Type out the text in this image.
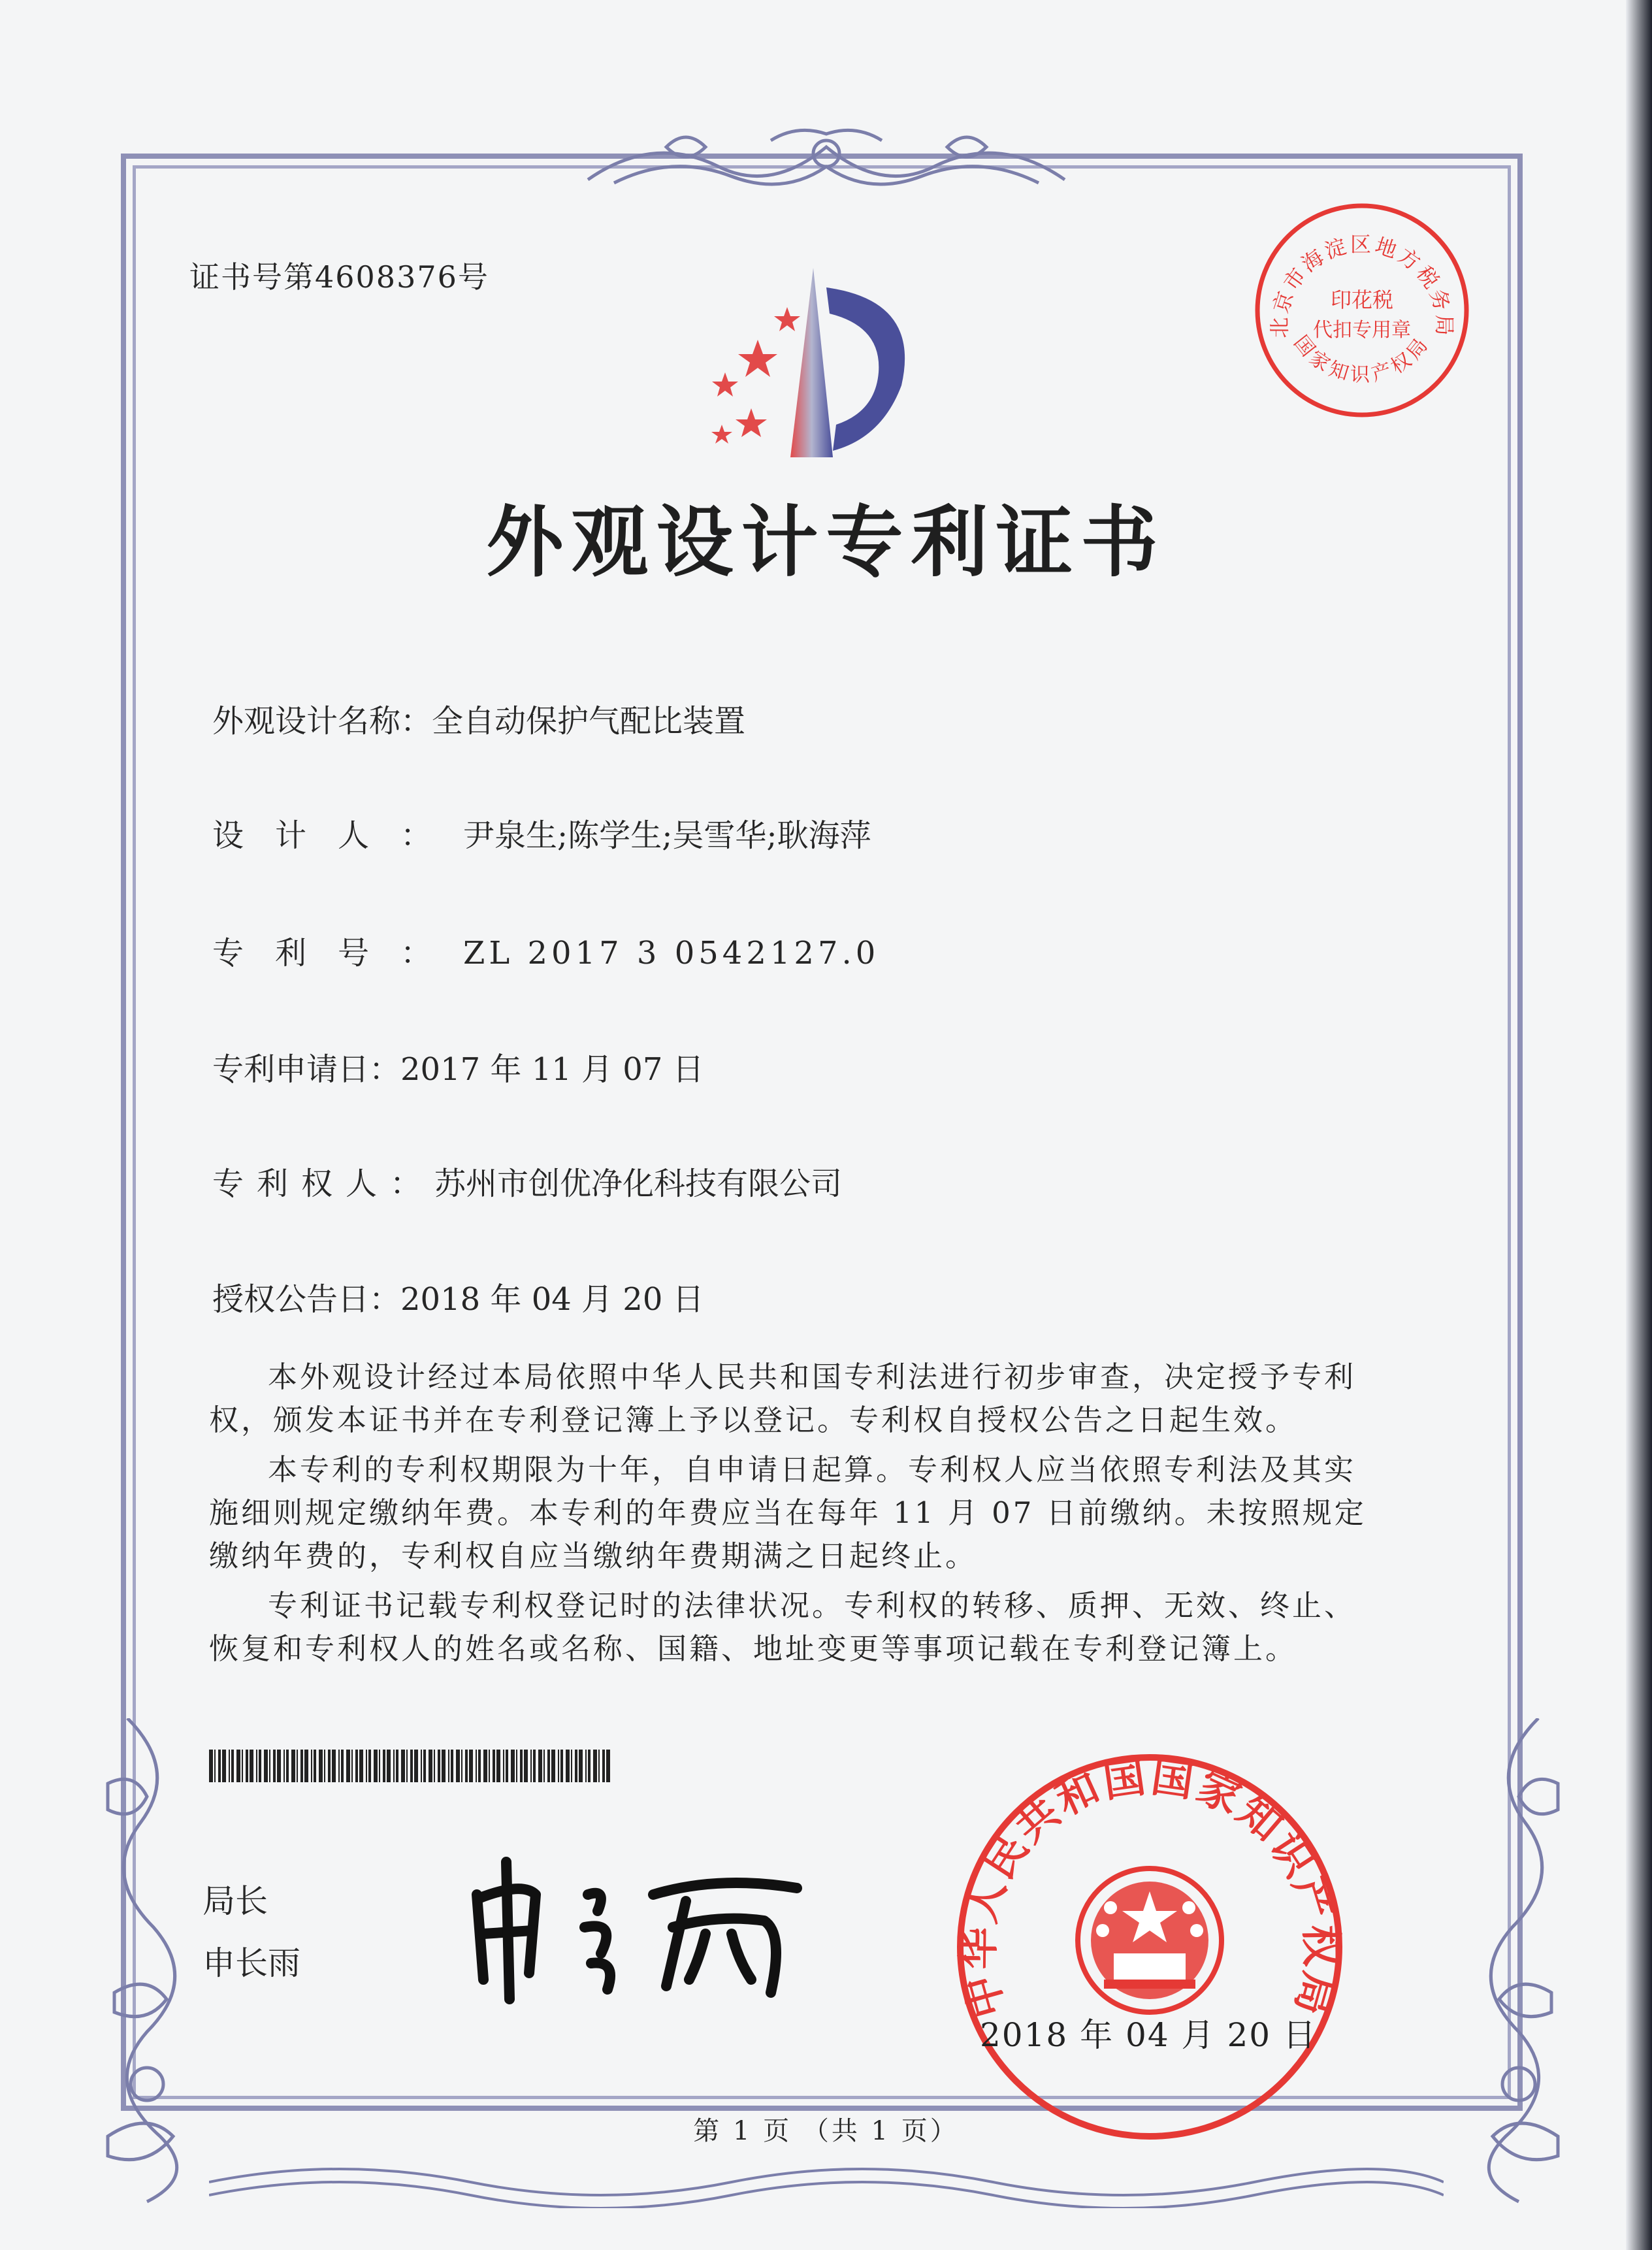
证书号第4608376号
北京市海淀区地方税务局
印花税
代扣专用章
国家知识产权局
外观设计专利证书
外观设计名称：全自动保护气配比装置
设计人：尹泉生;陈学生;吴雪华;耿海萍
专利号：ZL 2017 3 0542127.0
专利申请日：2017 年 11 月 07 日
专利权人：苏州市创优净化科技有限公司
授权公告日：2018 年 04 月 20 日

本外观设计经过本局依照中华人民共和国专利法进行初步审查，决定授予专利权，颁发本证书并在专利登记簿上予以登记。专利权自授权公告之日起生效。

本专利的专利权期限为十年，自申请日起算。专利权人应当依照专利法及其实施细则规定缴纳年费。本专利的年费应当在每年 11 月 07 日前缴纳。未按照规定缴纳年费的，专利权自应当缴纳年费期满之日起终止。

专利证书记载专利权登记时的法律状况。专利权的转移、质押、无效、终止、恢复和专利权人的姓名或名称、国籍、地址变更等事项记载在专利登记簿上。

局长
申长雨
中华人民共和国国家知识产权局
2018 年 04 月 20 日
第 1 页 （共 1 页）
